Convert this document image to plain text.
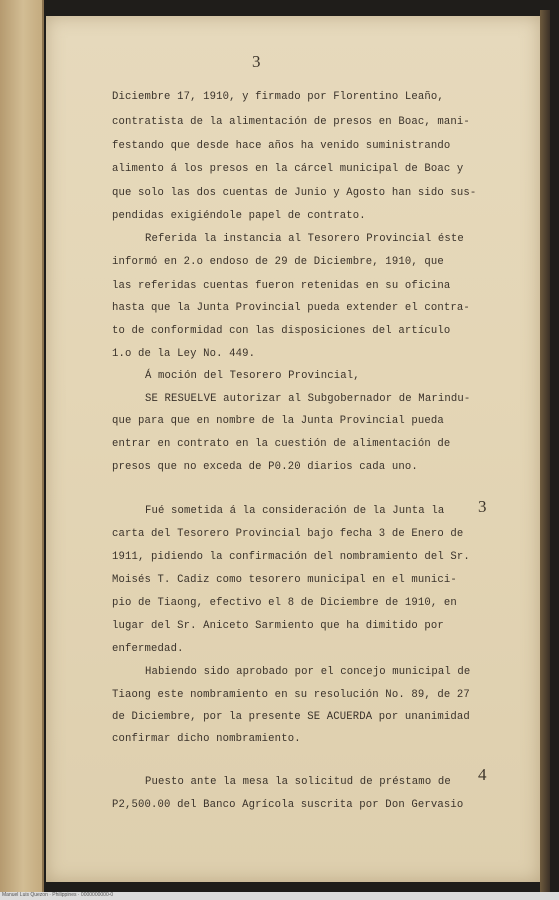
3
Diciembre 17, 1910, y firmado por Florentino Leaño,
contratista de la alimentación de presos en Boac, mani-
festando que desde hace años ha venido suministrando
alimento á los presos en la cárcel municipal de Boac y
que solo las dos cuentas de Junio y Agosto han sido sus-
pendidas exigiéndole papel de contrato.
Referida la instancia al Tesorero Provincial éste
informó en 2.o endoso de 29 de Diciembre, 1910, que
las referidas cuentas fueron retenidas en su oficina
hasta que la Junta Provincial pueda extender el contra-
to de conformidad con las disposiciones del artículo
1.o de la Ley No. 449.
Á moción del Tesorero Provincial,
SE RESUELVE autorizar al Subgobernador de Marindu-
que para que en nombre de la Junta Provincial pueda
entrar en contrato en la cuestión de alimentación de
presos que no exceda de P0.20 diarios cada uno.
Fué sometida á la consideración de la Junta la
carta del Tesorero Provincial bajo fecha 3 de Enero de
1911, pidiendo la confirmación del nombramiento del Sr.
Moisés T. Cadiz como tesorero municipal en el munici-
pio de Tiaong, efectivo el 8 de Diciembre de 1910, en
lugar del Sr. Aniceto Sarmiento que ha dimitido por
enfermedad.
Habiendo sido aprobado por el concejo municipal de
Tiaong este nombramiento en su resolución No. 89, de 27
de Diciembre, por la presente SE ACUERDA por unanimidad
confirmar dicho nombramiento.
Puesto ante la mesa la solicitud de préstamo de
P2,500.00 del Banco Agrícola suscrita por Don Gervasio
3
4
Manuel Luis Quezon · Philippines · 0000000000-0
